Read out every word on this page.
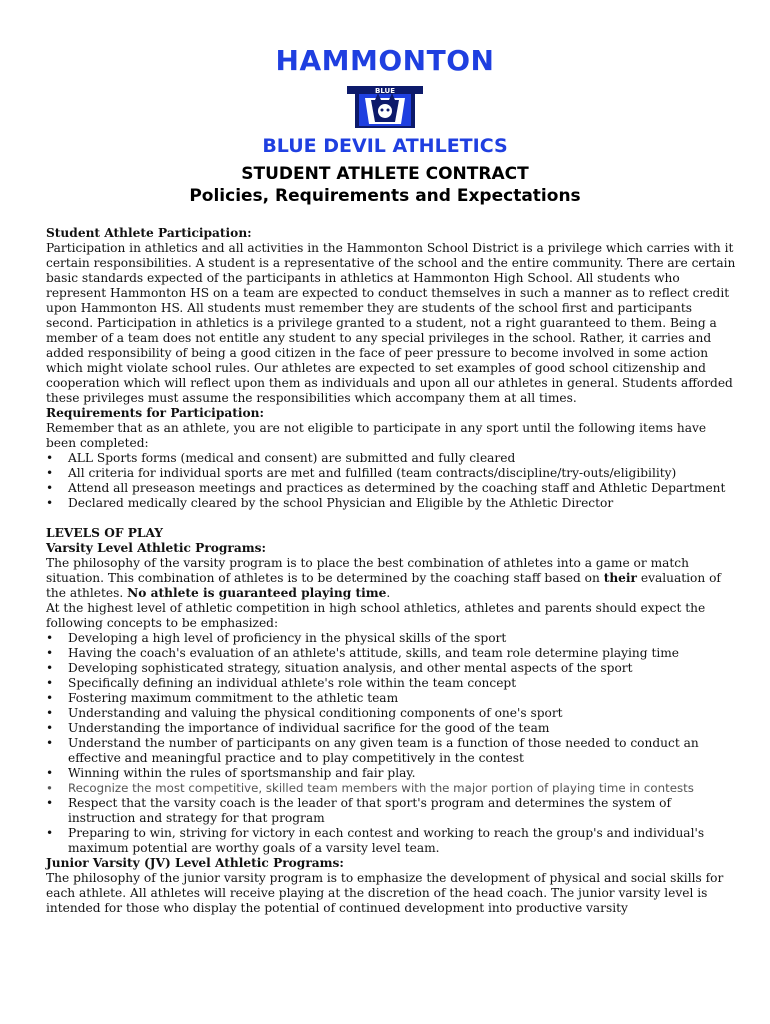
HAMMONTON
BLUE
BLUE DEVIL ATHLETICS
STUDENT ATHLETE CONTRACT
Policies, Requirements and Expectations
Student Athlete Participation:

Participation in athletics and all activities in the Hammonton School District is a privilege which carries with it certain responsibilities. A student is a representative of the school and the entire community. There are certain basic standards expected of the participants in athletics at Hammonton High School. All students who represent Hammonton HS on a team are expected to conduct themselves in such a manner as to reflect credit upon Hammonton HS. All students must remember they are students of the school first and participants second. Participation in athletics is a privilege granted to a student, not a right guaranteed to them. Being a member of a team does not entitle any student to any special privileges in the school. Rather, it carries and added responsibility of being a good citizen in the face of peer pressure to become involved in some action which might violate school rules. Our athletes are expected to set examples of good school citizenship and cooperation which will reflect upon them as individuals and upon all our athletes in general. Students afforded these privileges must assume the responsibilities which accompany them at all times.

Requirements for Participation:

Remember that as an athlete, you are not eligible to participate in any sport until the following items have been completed:

• ALL Sports forms (medical and consent) are submitted and fully cleared
• All criteria for individual sports are met and fulfilled (team contracts/discipline/try-outs/eligibility)
• Attend all preseason meetings and practices as determined by the coaching staff and Athletic Department
• Declared medically cleared by the school Physician and Eligible by the Athletic Director
LEVELS OF PLAY
Varsity Level Athletic Programs:

The philosophy of the varsity program is to place the best combination of athletes into a game or match situation. This combination of athletes is to be determined by the coaching staff based on their evaluation of the athletes. No athlete is guaranteed playing time.

At the highest level of athletic competition in high school athletics, athletes and parents should expect the following concepts to be emphasized:

• Developing a high level of proficiency in the physical skills of the sport
• Having the coach's evaluation of an athlete's attitude, skills, and team role determine playing time
• Developing sophisticated strategy, situation analysis, and other mental aspects of the sport
• Specifically defining an individual athlete's role within the team concept
• Fostering maximum commitment to the athletic team
• Understanding and valuing the physical conditioning components of one's sport
• Understanding the importance of individual sacrifice for the good of the team
• Understand the number of participants on any given team is a function of those needed to conduct an effective and meaningful practice and to play competitively in the contest
• Winning within the rules of sportsmanship and fair play.
• Recognize the most competitive, skilled team members with the major portion of playing time in contests
• Respect that the varsity coach is the leader of that sport's program and determines the system of instruction and strategy for that program
• Preparing to win, striving for victory in each contest and working to reach the group's and individual's maximum potential are worthy goals of a varsity level team.
Junior Varsity (JV) Level Athletic Programs:

The philosophy of the junior varsity program is to emphasize the development of physical and social skills for each athlete. All athletes will receive playing at the discretion of the head coach. The junior varsity level is intended for those who display the potential of continued development into productive varsity
